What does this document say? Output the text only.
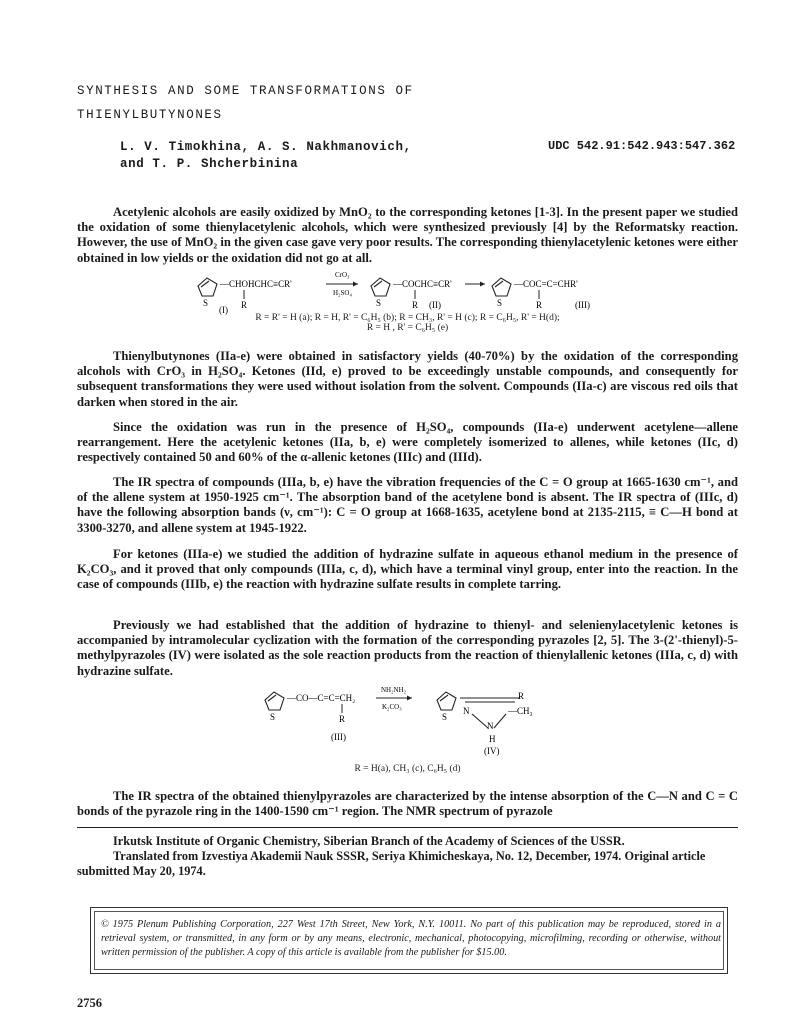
SYNTHESIS AND SOME TRANSFORMATIONS OF
THIENYLBUTYNONES
L. V. Timokhina, A. S. Nakhmanovich,
and T. P. Shcherbinina
UDC 542.91:542.943:547.362

Acetylenic alcohols are easily oxidized by MnO₂ to the corresponding ketones [1-3]. In the present paper we studied the oxidation of some thienylacetylenic alcohols, which were synthesized previously [4] by the Reformatsky reaction. However, the use of MnO₂ in the given case gave very poor results. The corresponding thienylacetylenic ketones were either obtained in low yields or the oxidation did not go at all.

—CHOHCHC≡CR'
S	R
(I)
CrO₃
H₂SO₄
—COCHC≡CR'
S	R (II)
—COC=C=CHR'
S	R	(III)
R = R' = H (a); R = H, R' = C₆H₅ (b); R = CH₃, R' = H (c); R = C₆H₅, R' = H(d);
R = H , R' = C₆H₅ (e)

Thienylbutynones (IIa-e) were obtained in satisfactory yields (40-70%) by the oxidation of the corresponding alcohols with CrO₃ in H₂SO₄. Ketones (IId, e) proved to be exceedingly unstable compounds, and consequently for subsequent transformations they were used without isolation from the solvent. Compounds (IIa-c) are viscous red oils that darken when stored in the air.

Since the oxidation was run in the presence of H₂SO₄, compounds (IIa-e) underwent acetylene—allene rearrangement. Here the acetylenic ketones (IIa, b, e) were completely isomerized to allenes, while ketones (IIc, d) respectively contained 50 and 60% of the α-allenic ketones (IIIc) and (IIId).

The IR spectra of compounds (IIIa, b, e) have the vibration frequencies of the C = O group at 1665-1630 cm⁻¹, and of the allene system at 1950-1925 cm⁻¹. The absorption band of the acetylene bond is absent. The IR spectra of (IIIc, d) have the following absorption bands (ν, cm⁻¹): C = O group at 1668-1635, acetylene bond at 2135-2115, ≡ C—H bond at 3300-3270, and allene system at 1945-1922.

For ketones (IIIa-e) we studied the addition of hydrazine sulfate in aqueous ethanol medium in the presence of K₂CO₃, and it proved that only compounds (IIIa, c, d), which have a terminal vinyl group, enter into the reaction. In the case of compounds (IIIb, e) the reaction with hydrazine sulfate results in complete tarring.

Previously we had established that the addition of hydrazine to thienyl- and selenienylacetylenic ketones is accompanied by intramolecular cyclization with the formation of the corresponding pyrazoles [2, 5]. The 3-(2'-thienyl)-5-methylpyrazoles (IV) were isolated as the sole reaction products from the reaction of thienylallenic ketones (IIIa, c, d) with hydrazine sulfate.

—CO—C=C=CH₂
S	R
(III)
NH₂NH₂
K₂CO₃
S
R
N	—CH₃
N
H
(IV)
R = H(a), CH₃ (c), C₆H₅ (d)

The IR spectra of the obtained thienylpyrazoles are characterized by the intense absorption of the C—N and C = C bonds of the pyrazole ring in the 1400-1590 cm⁻¹ region. The NMR spectrum of pyrazole

Irkutsk Institute of Organic Chemistry, Siberian Branch of the Academy of Sciences of the USSR.

Translated from Izvestiya Akademii Nauk SSSR, Seriya Khimicheskaya, No. 12, December, 1974. Original article submitted May 20, 1974.

© 1975 Plenum Publishing Corporation, 227 West 17th Street, New York, N.Y. 10011. No part of this publication may be reproduced, stored in a retrieval system, or transmitted, in any form or by any means, electronic, mechanical, photocopying, microfilming, recording or otherwise, without written permission of the publisher. A copy of this article is available from the publisher for $15.00.
2756
